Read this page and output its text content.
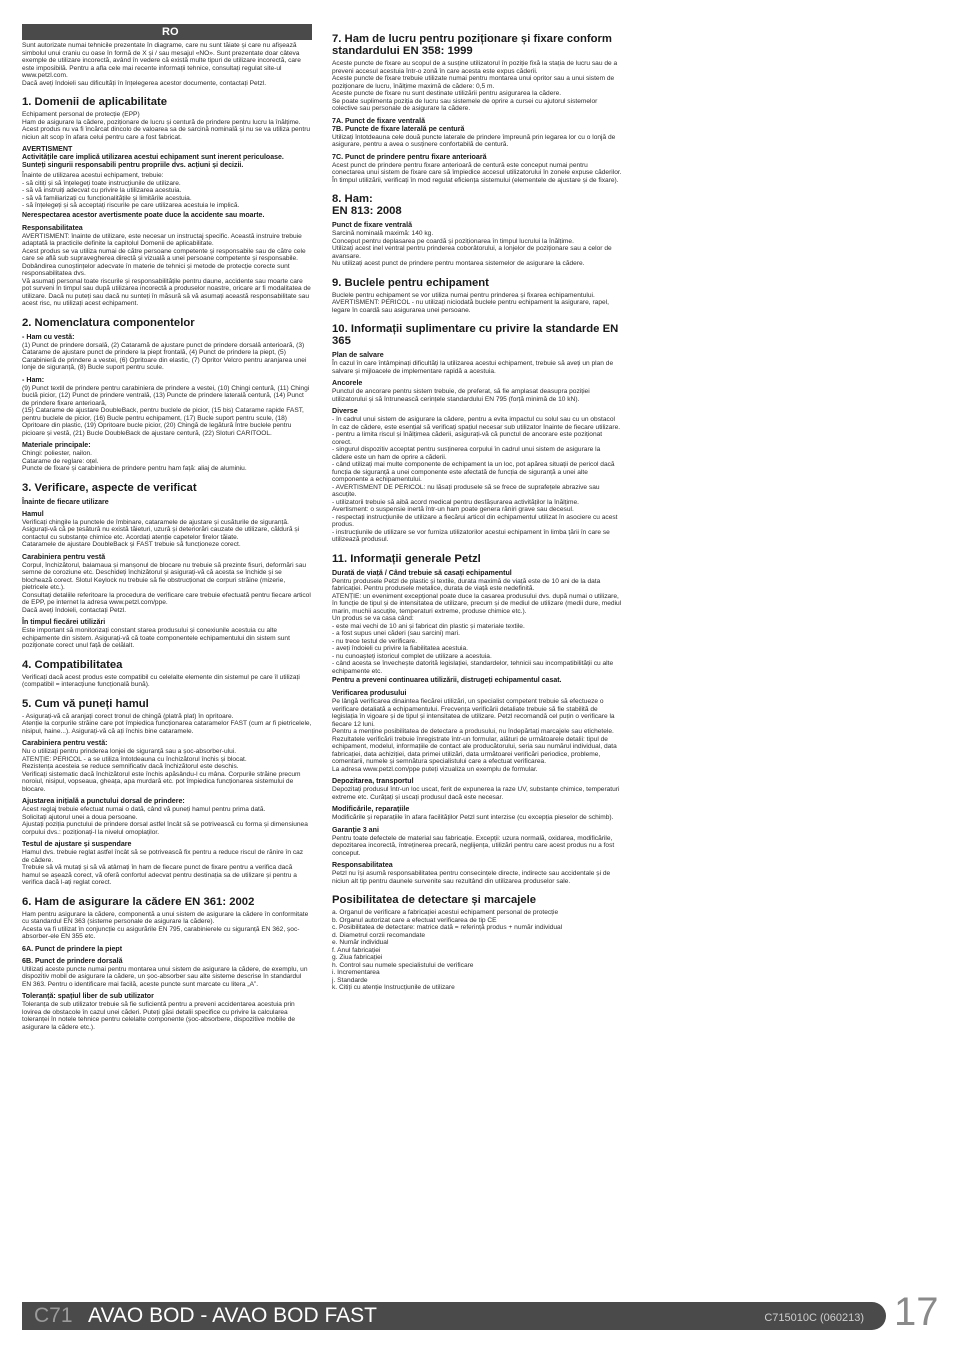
RO
Sunt autorizate numai tehnicile prezentate în diagrame, care nu sunt tăiate și care nu afișează simbolul unui craniu cu oase în formă de X și / sau mesajul «NO». Sunt prezentate doar câteva exemple de utilizare incorectă, având în vedere că există multe tipuri de utilizare incorectă, care este imposibilă. Pentru a afla cele mai recente informații tehnice, consultați regulat site-ul www.petzl.com.
Dacă aveți îndoieli sau dificultăți în înțelegerea acestor documente, contactați Petzl.
1. Domenii de aplicabilitate
Echipament personal de protecție (EPP)
Ham de asigurare la cădere, poziționare de lucru și centură de prindere pentru lucru la înălțime.
Acest produs nu va fi încărcat dincolo de valoarea sa de sarcină nominală și nu se va utiliza pentru niciun alt scop în afara celui pentru care a fost fabricat.
AVERTISMENT
Activitățile care implică utilizarea acestui echipament sunt inerent periculoase.
Sunteți singurii responsabili pentru propriile dvs. acțiuni și decizii.
Înainte de utilizarea acestui echipament, trebuie:
- să citiți și să înțelegeți toate instrucțiunile de utilizare.
- să vă instruiți adecvat cu privire la utilizarea acestuia.
- să vă familiarizați cu funcționalitățile și limitările acestuia.
- să înțelegeți și să acceptați riscurile pe care utilizarea acestuia le implică.
Nerespectarea acestor avertismente poate duce la accidente sau moarte.
Responsabilitatea
AVERTISMENT: înainte de utilizare, este necesar un instructaj specific. Această instruire trebuie adaptată la practicile definite la capitolul Domenii de aplicabilitate.
Acest produs se va utiliza numai de către persoane competente și responsabile sau de către cele care se află sub supravegherea directă și vizuală a unei persoane competente și responsabile.
Dobândirea cunoștințelor adecvate în materie de tehnici și metode de protecție corecte sunt responsabilitatea dvs.
Vă asumați personal toate riscurile și responsabilitățile pentru daune, accidente sau moarte care pot surveni în timpul sau după utilizarea incorectă a produselor noastre, oricare ar fi modalitatea de utilizare. Dacă nu puteți sau dacă nu sunteți în măsură să vă asumați această responsabilitate sau acest risc, nu utilizați acest echipament.
2. Nomenclatura componentelor
- Ham cu vestă:
(1) Punct de prindere dorsală, (2) Cataramă de ajustare punct de prindere dorsală anterioară, (3) Cataramе de ajustare punct de prindere la piept frontală, (4) Punct de prindere la piept, (5) Carabinieră de prindere a vestei, (6) Opritoare din elastic, (7) Opritor Velcro pentru aranjarea unei lonje de siguranță, (8) Bucle suport pentru scule.
- Ham:
(9) Punct textil de prindere pentru carabiniera de prindere a vestei, (10) Chingi centură, (11) Chingi buclă picior, (12) Punct de prindere ventrală, (13) Puncte de prindere laterală centură, (14) Punct de prindere fixare anterioară,
(15) Catarame de ajustare DoubleBack, pentru buclele de picior, (15 bis) Catarame rapide FAST, pentru buclele de picior, (16) Bucle pentru echipament, (17) Bucle suport pentru scule, (18) Opritoare din plastic, (19) Opritoare bucle picior, (20) Chingă de legătură între buclele pentru picioare și vestă, (21) Bucle DoubleBack de ajustare centură, (22) Sloturi CARITOOL.
Materiale principale:
Chingi: poliester, nailon.
Catarame de reglare: oțel.
Puncte de fixare și carabiniera de prindere pentru ham față: aliaj de aluminiu.
3. Verificare, aspecte de verificat
Înainte de fiecare utilizare
Hamul
Verificați chingile la punctele de îmbinare, cataramele de ajustare și cusăturile de siguranță.
Asigurați-vă că pe țesătură nu există tăieturi, uzură și deteriorări cauzate de utilizare, căldură și contactul cu substanțe chimice etc. Acordați atenție capetelor firelor tăiate.
Cataramele de ajustare DoubleBack și FAST trebuie să funcționeze corect.
Carabiniera pentru vestă
Corpul, închizătorul, balamaua și manșonul de blocare nu trebuie să prezinte fisuri, deformări sau semne de coroziune etc. Deschideți închizătorul și asigurați-vă că acesta se închide și se blochează corect. Slotul Keylock nu trebuie să fie obstrucționat de corpuri străine (mizerie, pietricele etc.).
Consultați detaliile referitoare la procedura de verificare care trebuie efectuată pentru fiecare articol de EPP, pe internet la adresa www.petzl.com/ppe.
Dacă aveți îndoieli, contactați Petzl.
În timpul fiecărei utilizări
Este important să monitorizați constant starea produsului și conexiunile acestuia cu alte echipamente din sistem. Asigurați-vă că toate componentele echipamentului din sistem sunt poziționate corect unul față de celălalt.
4. Compatibilitatea
Verificați dacă acest produs este compatibil cu celelalte elemente din sistemul pe care îl utilizați (compatibil = interacțiune funcțională bună).
5. Cum vă puneți hamul
- Asigurați-vă că aranjați corect tronul de chingă (platră plat) în opritoare.
Atenție la corpurile străine care pot împiedica funcționarea cataramelor FAST (cum ar fi pietricelele, nisipul, haine...). Asigurați-vă că ați închis bine cataramele.
Carabiniera pentru vestă:
Nu o utilizați pentru prinderea lonjei de siguranță sau a șoc-absorber-ului.
ATENȚIE: PERICOL - a se utiliza întotdeauna cu închizătorul închis și blocat.
Rezistența acesteia se reduce semnificativ dacă închizătorul este deschis.
Verificați sistematic dacă închizătorul este închis apăsându-l cu mâna. Corpurile străine precum noroiul, nisipul, vopseaua, gheața, apa murdară etc. pot împiedica funcționarea sistemului de blocare.
Ajustarea inițială a punctului dorsal de prindere:
Acest reglaj trebuie efectuat numai o dată, când vă puneți hamul pentru prima dată.
Solicitați ajutorul unei a doua persoane.
Ajustați poziția punctului de prindere dorsal astfel încât să se potrivească cu forma și dimensiunea corpului dvs.: poziționați-l la nivelul omoplaților.
Testul de ajustare și suspendare
Hamul dvs. trebuie reglat astfel încât să se potrivească fix pentru a reduce riscul de rănire în caz de cădere.
Trebuie să vă mutați și să vă atârnați în ham de fiecare punct de fixare pentru a verifica dacă hamul se așează corect, vă oferă confortul adecvat pentru destinația sa de utilizare și pentru a verifica dacă l-ați reglat corect.
6. Ham de asigurare la cădere EN 361: 2002
Ham pentru asigurare la cădere, componentă a unui sistem de asigurare la cădere în conformitate cu standardul EN 363 (sisteme personale de asigurare la cădere).
Acesta va fi utilizat în conjuncție cu asigurările EN 795, carabinierele cu siguranță EN 362, șoc-absorber-ele EN 355 etc.
6A. Punct de prindere la piept
6B. Punct de prindere dorsală
Utilizați aceste puncte numai pentru montarea unui sistem de asigurare la cădere, de exemplu, un dispozitiv mobil de asigurare la cădere, un șoc-absorber sau alte sisteme descrise în standardul EN 363. Pentru o identificare mai facilă, aceste puncte sunt marcate cu litera „A”.
Toleranță: spațiul liber de sub utilizator
Toleranța de sub utilizator trebuie să fie suficientă pentru a preveni accidentarea acestuia prin lovirea de obstacole în cazul unei căderi. Puteți găsi detalii specifice cu privire la calcularea toleranței în notele tehnice pentru celelalte componente (șoc-absorbere, dispozitive mobile de asigurare la cădere etc.).
7. Ham de lucru pentru poziționare și fixare conform standardului EN 358: 1999
Aceste puncte de fixare au scopul de a susține utilizatorul în poziție fixă la stația de lucru sau de a preveni accesul acestuia într-o zonă în care acesta este expus căderii.
Aceste puncte de fixare trebuie utilizate numai pentru montarea unui opritor sau a unui sistem de poziționare de lucru, înălțime maximă de cădere: 0,5 m.
Aceste puncte de fixare nu sunt destinate utilizării pentru asigurarea la cădere.
Se poate suplimenta poziția de lucru sau sistemele de oprire a cursei cu ajutorul sistemelor colective sau personale de asigurare la cădere.
7A. Punct de fixare ventrală
7B. Puncte de fixare laterală pe centură
Utilizați întotdeauna cele două puncte laterale de prindere împreună prin legarea lor cu o lonjă de asigurare, pentru a avea o susținere confortabilă de centură.
7C. Punct de prindere pentru fixare anterioară
Acest punct de prindere pentru fixare anterioară de centură este conceput numai pentru conectarea unui sistem de fixare care să împiedice accesul utilizatorului în zonele expuse căderilor.
În timpul utilizării, verificați în mod regulat eficiența sistemului (elementele de ajustare și de fixare).
8. Ham:
EN 813: 2008
Punct de fixare ventrală
Sarcină nominală maximă: 140 kg.
Conceput pentru deplasarea pe coardă și poziționarea în timpul lucrului la înălțime.
Utilizați acest inel ventral pentru prinderea coborâtorului, a lonjelor de poziționare sau a celor de avansare.
Nu utilizați acest punct de prindere pentru montarea sistemelor de asigurare la cădere.
9. Buclele pentru echipament
Buclele pentru echipament se vor utiliza numai pentru prinderea și fixarea echipamentului.
AVERTISMENT: PERICOL - nu utilizați niciodată buclele pentru echipament la asigurare, rapel, legare în coardă sau asigurarea unei persoane.
10. Informații suplimentare cu privire la standarde EN 365
Plan de salvare
În cazul în care întâmpinați dificultăți la utilizarea acestui echipament, trebuie să aveți un plan de salvare și mijloacele de implementare rapidă a acestuia.
Ancorele
Punctul de ancorare pentru sistem trebuie, de preferat, să fie amplasat deasupra poziției utilizatorului și să întrunească cerințele standardului EN 795 (forță minimă de 10 kN).
Diverse
- în cadrul unui sistem de asigurare la cădere, pentru a evita impactul cu solul sau cu un obstacol în caz de cădere, este esențial să verificați spațiul necesar sub utilizator înainte de fiecare utilizare.
- pentru a limita riscul și înălțimea căderii, asigurați-vă că punctul de ancorare este poziționat corect.
- singurul dispozitiv acceptat pentru susținerea corpului în cadrul unui sistem de asigurare la cădere este un ham de oprire a căderii.
- când utilizați mai multe componente de echipament la un loc, pot apărea situații de pericol dacă funcția de siguranță a unei componente este afectată de funcția de siguranță a unei alte componente a echipamentului.
- AVERTISMENT DE PERICOL: nu lăsați produsele să se frece de suprafețele abrazive sau ascuțite.
- utilizatorii trebuie să aibă acord medical pentru desfășurarea activităților la înălțime.
Avertisment: o suspensie inertă într-un ham poate genera răniri grave sau decesul.
- respectați instrucțiunile de utilizare a fiecărui articol din echipamentul utilizat în asociere cu acest produs.
- instrucțiunile de utilizare se vor furniza utilizatorilor acestui echipament în limba țării în care se utilizează produsul.
11. Informații generale Petzl
Durată de viață / Când trebuie să casați echipamentul
Pentru produsele Petzl de plastic și textile, durata maximă de viață este de 10 ani de la data fabricației. Pentru produsele metalice, durata de viață este nedefinită.
ATENȚIE: un eveniment excepțional poate duce la casarea produsului dvs. după numai o utilizare, în funcție de tipul și de intensitatea de utilizare, precum și de mediul de utilizare (medii dure, mediul marin, muchii ascuțite, temperaturi extreme, produse chimice etc.).
Un produs se va casa când:
- este mai vechi de 10 ani și fabricat din plastic și materiale textile.
- a fost supus unei căderi (sau sarcini) mari.
- nu trece testul de verificare.
- aveți îndoieli cu privire la fiabilitatea acestuia.
- nu cunoașteți istoricul complet de utilizare a acestuia.
- când acesta se învechește datorită legislației, standardelor, tehnicii sau incompatibilității cu alte echipamente etc.
Pentru a preveni continuarea utilizării, distrugeți echipamentul casat.
Verificarea produsului
Pe lângă verificarea dinaintea fiecărei utilizări, un specialist competent trebuie să efectueze o verificare detaliată a echipamentului. Frecvența verificării detaliate trebuie să fie stabilită de legislația în vigoare și de tipul și intensitatea de utilizare. Petzl recomandă cel puțin o verificare la fiecare 12 luni.
Pentru a menține posibilitatea de detectare a produsului, nu îndepărtați marcajele sau etichetele.
Rezultatele verificării trebuie înregistrate într-un formular, alături de următoarele detalii: tipul de echipament, modelul, informațiile de contact ale producătorului, seria sau numărul individual, data fabricației, data achiziției, data primei utilizări, data următoarei verificări periodice, probleme, comentarii, numele și semnătura specialistului care a efectuat verificarea.
La adresa www.petzl.com/ppe puteți vizualiza un exemplu de formular.
Depozitarea, transportul
Depozitați produsul într-un loc uscat, ferit de expunerea la raze UV, substanțe chimice, temperaturi extreme etc. Curățați și uscați produsul dacă este necesar.
Modificările, reparațiile
Modificările și reparațiile în afara facilităților Petzl sunt interzise (cu excepția pieselor de schimb).
Garanție 3 ani
Pentru toate defectele de material sau fabricație. Excepții: uzura normală, oxidarea, modificările, depozitarea incorectă, întreținerea precară, neglijența, utilizări pentru care acest produs nu a fost conceput.
Responsabilitatea
Petzl nu își asumă responsabilitatea pentru consecințele directe, indirecte sau accidentale și de niciun alt tip pentru daunele survenite sau rezultând din utilizarea produselor sale.
Posibilitatea de detectare și marcajele
a. Organul de verificare a fabricației acestui echipament personal de protecție
b. Organul autorizat care a efectuat verificarea de tip CE
c. Posibilitatea de detectare: matrice dată = referință produs + număr individual
d. Diametrul corzii recomandate
e. Număr individual
f. Anul fabricației
g. Ziua fabricației
h. Control sau numele specialistului de verificare
i. Incrementarea
j. Standarde
k. Citiți cu atenție Instrucțiunile de utilizare
C71 AVAO BOD - AVAO BOD FAST	C715010C (060213) 17
